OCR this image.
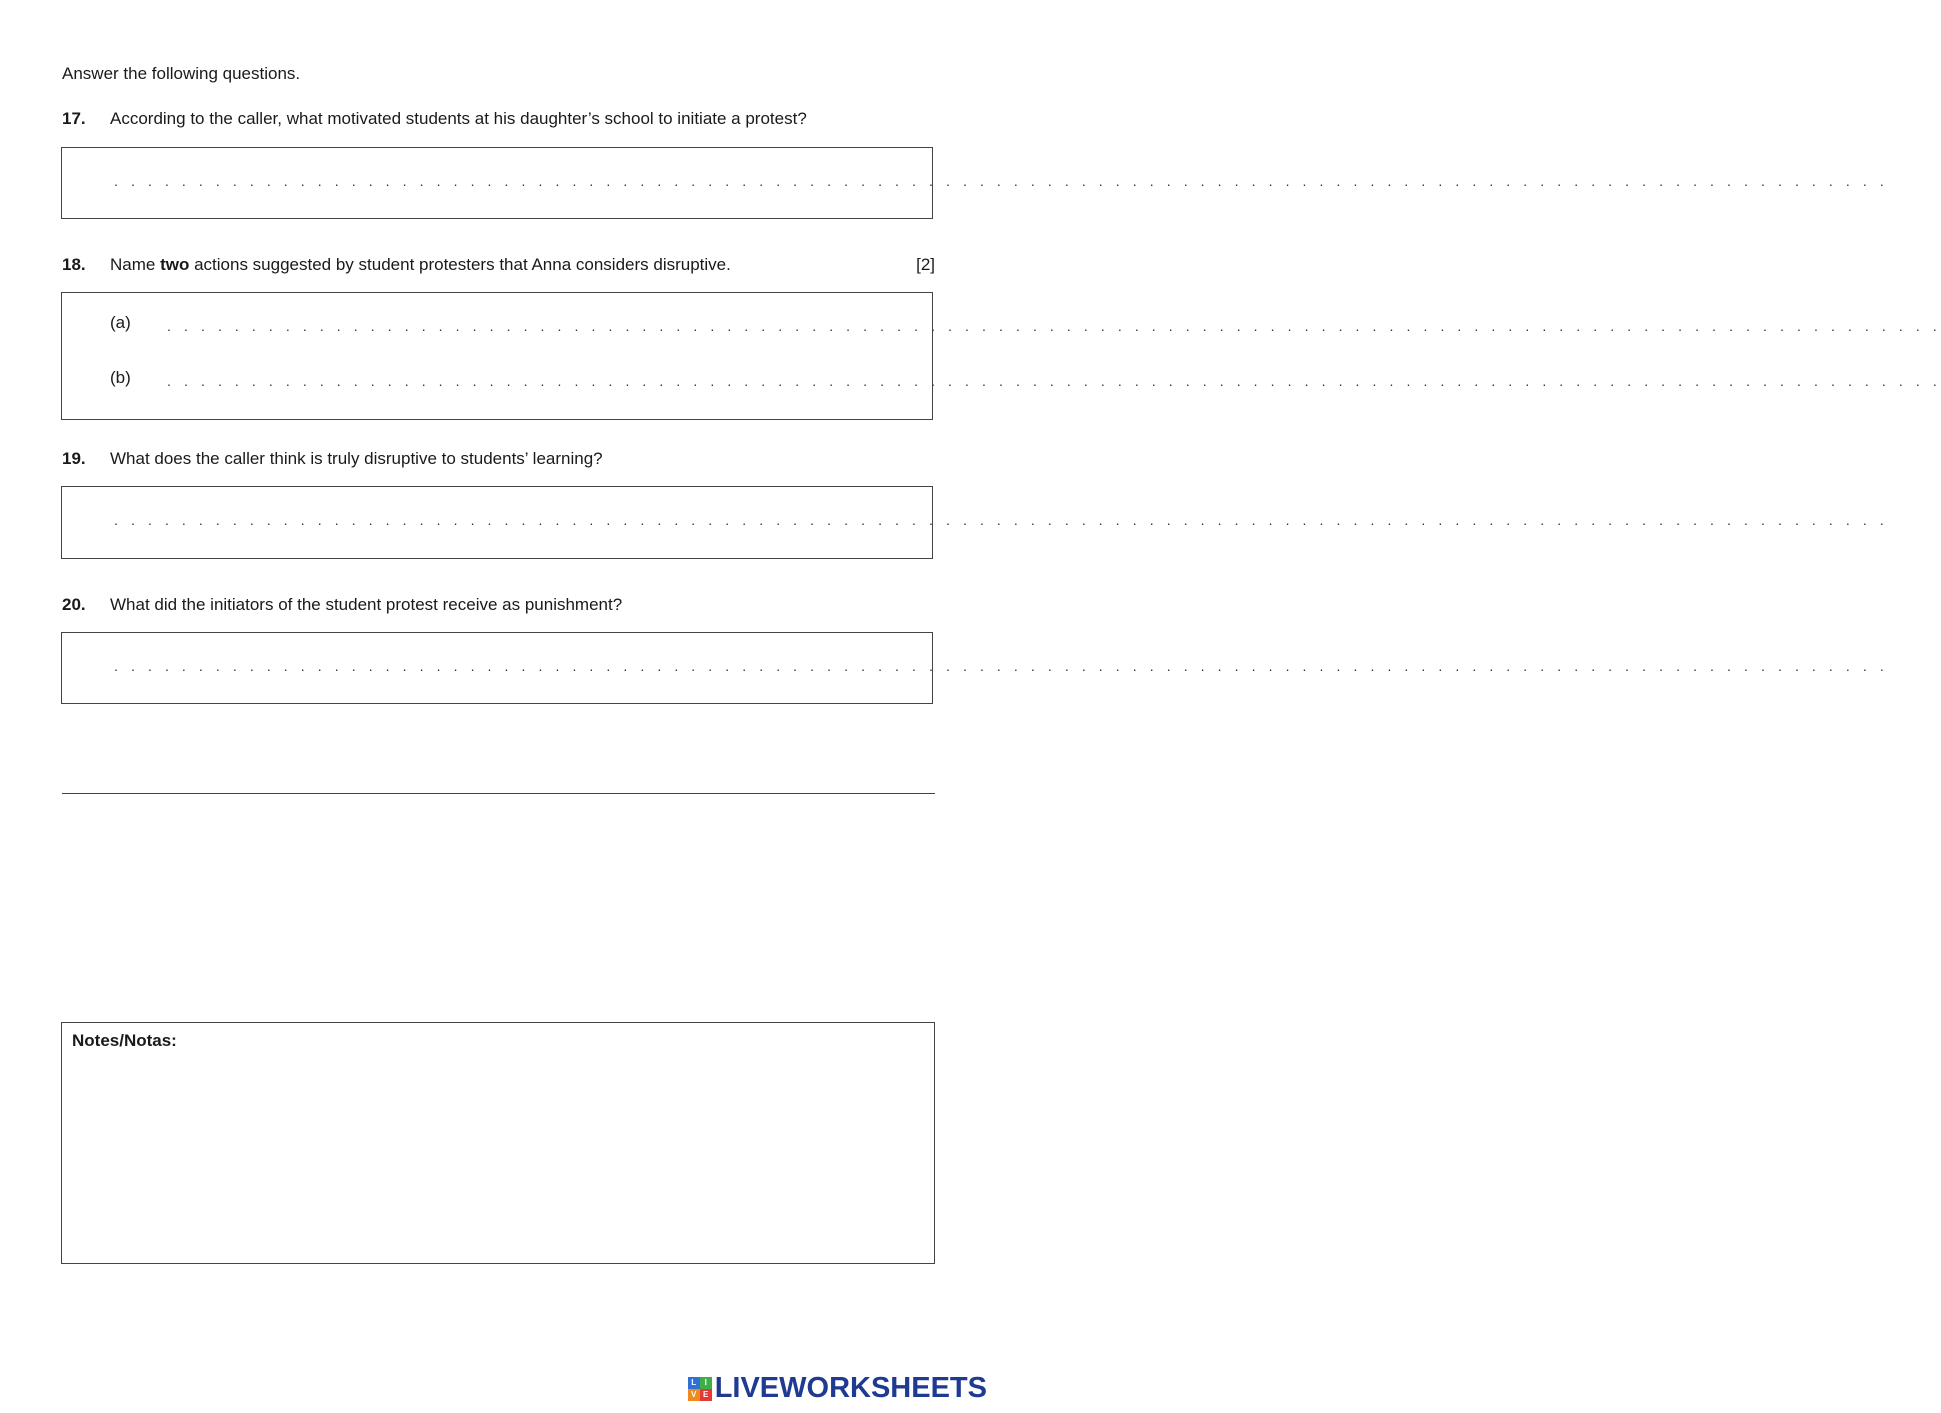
Answer the following questions.
17. According to the caller, what motivated students at his daughter’s school to initiate a protest?
. . . . . . . . . . . . . . . . . . . . . . . . . . . . . . . . . . . . . . . . . . . . . . . . . . . . . . . . . . . . . . . . . . . . . . . . . . . . . . . . . . . . . . . . . . . . . . . . . . . . . . . . .
18. Name two actions suggested by student protesters that Anna considers disruptive.	[2]
(a)	. . . . . . . . . . . . . . . . . . . . . . . . . . . . . . . . . . . . . . . . . . . . . . . . . . . . . . . . . . . . . . . . . . . . . . . . . . . . . . . . . . . . . . . . . . . . . . . . . . . . . . . . .
(b)	. . . . . . . . . . . . . . . . . . . . . . . . . . . . . . . . . . . . . . . . . . . . . . . . . . . . . . . . . . . . . . . . . . . . . . . . . . . . . . . . . . . . . . . . . . . . . . . . . . . . . . . . .
19. What does the caller think is truly disruptive to students’ learning?
. . . . . . . . . . . . . . . . . . . . . . . . . . . . . . . . . . . . . . . . . . . . . . . . . . . . . . . . . . . . . . . . . . . . . . . . . . . . . . . . . . . . . . . . . . . . . . . . . . . . . . . . .
20. What did the initiators of the student protest receive as punishment?
. . . . . . . . . . . . . . . . . . . . . . . . . . . . . . . . . . . . . . . . . . . . . . . . . . . . . . . . . . . . . . . . . . . . . . . . . . . . . . . . . . . . . . . . . . . . . . . . . . . . . . . . .
Notes/Notas:
L	I
V E LIVEWORKSHEETS
